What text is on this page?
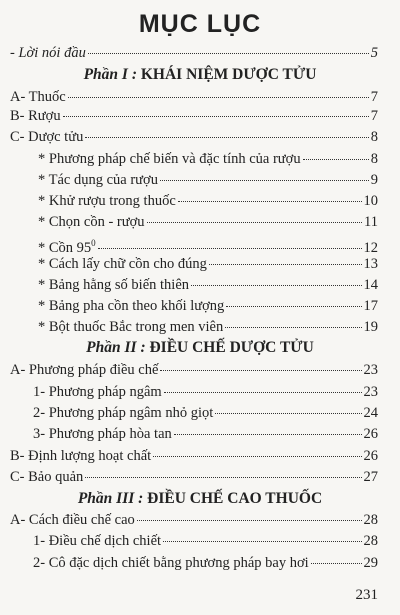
MỤC LỤC
- Lời nói đầu	5
Phần I : KHÁI NIỆM DƯỢC TỬU
A- Thuốc	7
B- Rượu	7
C- Dược tửu	8
* Phương pháp chế biến và đặc tính của rượu	8
* Tác dụng của rượu	9
* Khử rượu trong thuốc	10
* Chọn cồn - rượu	11
* Cồn $95^0$	12
* Cách lấy chữ cồn cho đúng	13
* Bảng hằng số biến thiên	14
* Bảng pha cồn theo khối lượng	17
* Bột thuốc Bắc trong men viên	19
Phần II : ĐIỀU CHẾ DƯỢC TỬU
A- Phương pháp điều chế	23
1- Phương pháp ngâm	23
2- Phương pháp ngâm nhỏ giọt	24
3- Phương pháp hòa tan	26
B- Định lượng hoạt chất	26
C- Bảo quản	27
Phần III : ĐIỀU CHẾ CAO THUỐC
A- Cách điều chế cao	28
1- Điều chế dịch chiết	28
2- Cô đặc dịch chiết bằng phương pháp bay hơi	29
231
